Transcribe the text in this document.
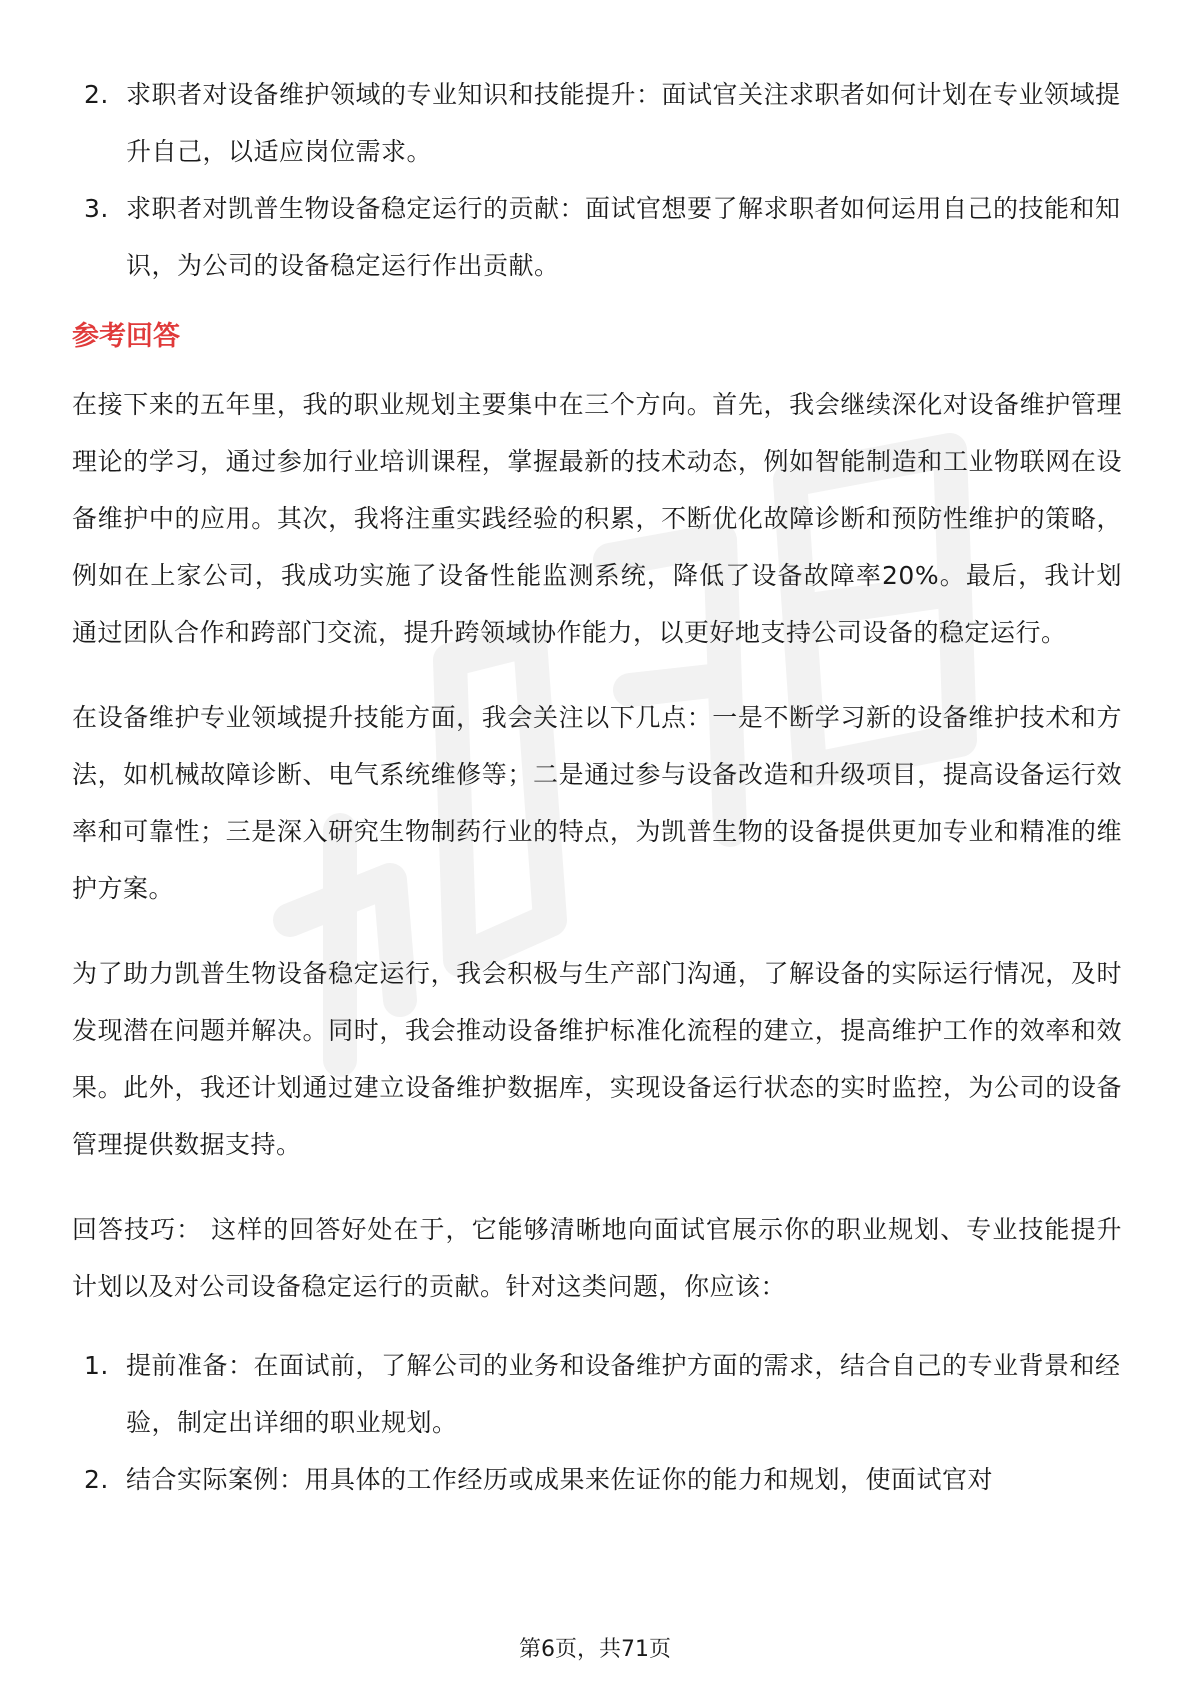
2. 求职者对设备维护领域的专业知识和技能提升：面试官关注求职者如何计划在专业领域提升自己，以适应岗位需求。
3. 求职者对凯普生物设备稳定运行的贡献：面试官想要了解求职者如何运用自己的技能和知识，为公司的设备稳定运行作出贡献。
参考回答

在接下来的五年里，我的职业规划主要集中在三个方向。首先，我会继续深化对设备维护管理理论的学习，通过参加行业培训课程，掌握最新的技术动态，例如智能制造和工业物联网在设备维护中的应用。其次，我将注重实践经验的积累，不断优化故障诊断和预防性维护的策略，例如在上家公司，我成功实施了设备性能监测系统，降低了设备故障率20%。最后，我计划通过团队合作和跨部门交流，提升跨领域协作能力，以更好地支持公司设备的稳定运行。

在设备维护专业领域提升技能方面，我会关注以下几点：一是不断学习新的设备维护技术和方法，如机械故障诊断、电气系统维修等；二是通过参与设备改造和升级项目，提高设备运行效率和可靠性；三是深入研究生物制药行业的特点，为凯普生物的设备提供更加专业和精准的维护方案。

为了助力凯普生物设备稳定运行，我会积极与生产部门沟通，了解设备的实际运行情况，及时发现潜在问题并解决。同时，我会推动设备维护标准化流程的建立，提高维护工作的效率和效果。此外，我还计划通过建立设备维护数据库，实现设备运行状态的实时监控，为公司的设备管理提供数据支持。

回答技巧： 这样的回答好处在于，它能够清晰地向面试官展示你的职业规划、专业技能提升计划以及对公司设备稳定运行的贡献。针对这类问题，你应该：

1. 提前准备：在面试前，了解公司的业务和设备维护方面的需求，结合自己的专业背景和经验，制定出详细的职业规划。
2. 结合实际案例：用具体的工作经历或成果来佐证你的能力和规划，使面试官对
第6页，共71页
